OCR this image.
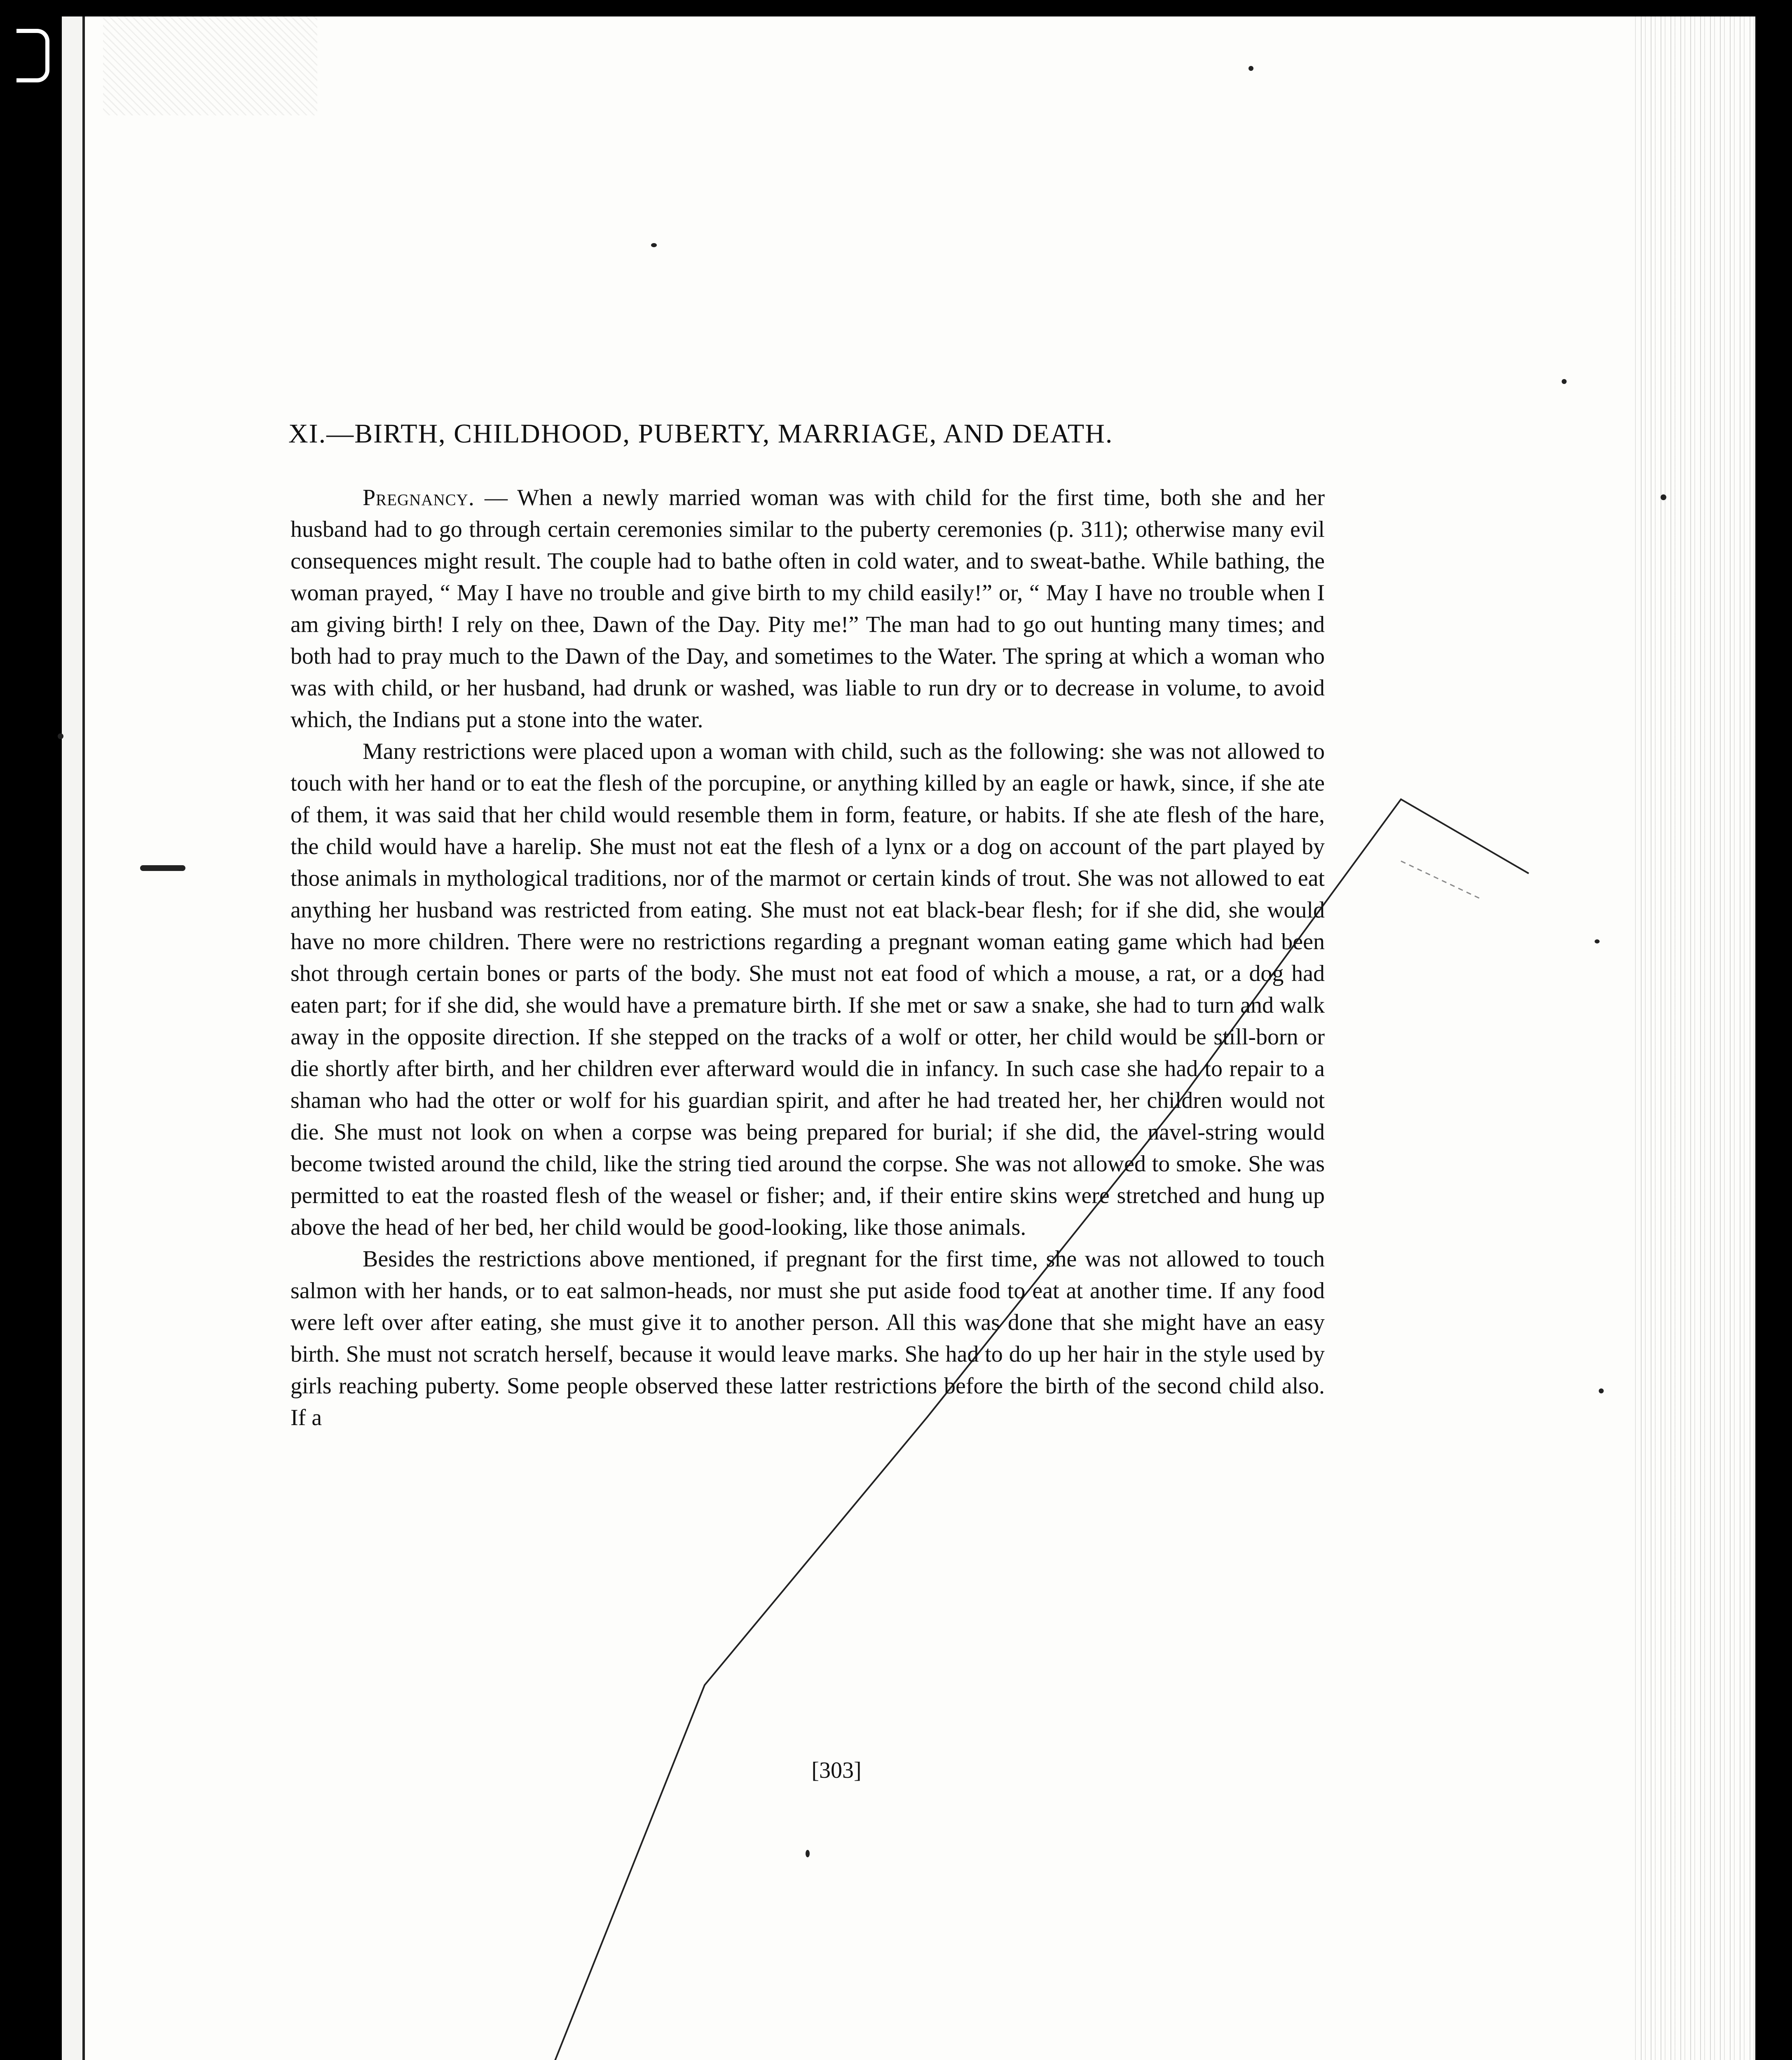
XI.—BIRTH, CHILDHOOD, PUBERTY, MARRIAGE, AND DEATH.

Pregnancy. — When a newly married woman was with child for the first time, both she and her husband had to go through certain ceremonies similar to the puberty ceremonies (p. 311); otherwise many evil consequences might result. The couple had to bathe often in cold water, and to sweat-bathe. While bathing, the woman prayed, “ May I have no trouble and give birth to my child easily!” or, “ May I have no trouble when I am giving birth! I rely on thee, Dawn of the Day. Pity me!” The man had to go out hunting many times; and both had to pray much to the Dawn of the Day, and sometimes to the Water. The spring at which a woman who was with child, or her husband, had drunk or washed, was liable to run dry or to decrease in volume, to avoid which, the Indians put a stone into the water.

Many restrictions were placed upon a woman with child, such as the following: she was not allowed to touch with her hand or to eat the flesh of the porcupine, or anything killed by an eagle or hawk, since, if she ate of them, it was said that her child would resemble them in form, feature, or habits. If she ate flesh of the hare, the child would have a harelip. She must not eat the flesh of a lynx or a dog on account of the part played by those animals in mythological traditions, nor of the marmot or certain kinds of trout. She was not allowed to eat anything her husband was restricted from eating. She must not eat black-bear flesh; for if she did, she would have no more children. There were no restrictions regarding a pregnant woman eating game which had been shot through certain bones or parts of the body. She must not eat food of which a mouse, a rat, or a dog had eaten part; for if she did, she would have a premature birth. If she met or saw a snake, she had to turn and walk away in the opposite direction. If she stepped on the tracks of a wolf or otter, her child would be still-born or die shortly after birth, and her children ever afterward would die in infancy. In such case she had to repair to a shaman who had the otter or wolf for his guardian spirit, and after he had treated her, her children would not die. She must not look on when a corpse was being prepared for burial; if she did, the navel-string would become twisted around the child, like the string tied around the corpse. She was not allowed to smoke. She was permitted to eat the roasted flesh of the weasel or fisher; and, if their entire skins were stretched and hung up above the head of her bed, her child would be good-looking, like those animals.

Besides the restrictions above mentioned, if pregnant for the first time, she was not allowed to touch salmon with her hands, or to eat salmon-heads, nor must she put aside food to eat at another time. If any food were left over after eating, she must give it to another person. All this was done that she might have an easy birth. She must not scratch herself, because it would leave marks. She had to do up her hair in the style used by girls reaching puberty. Some people observed these latter restrictions before the birth of the second child also. If a

[303]
